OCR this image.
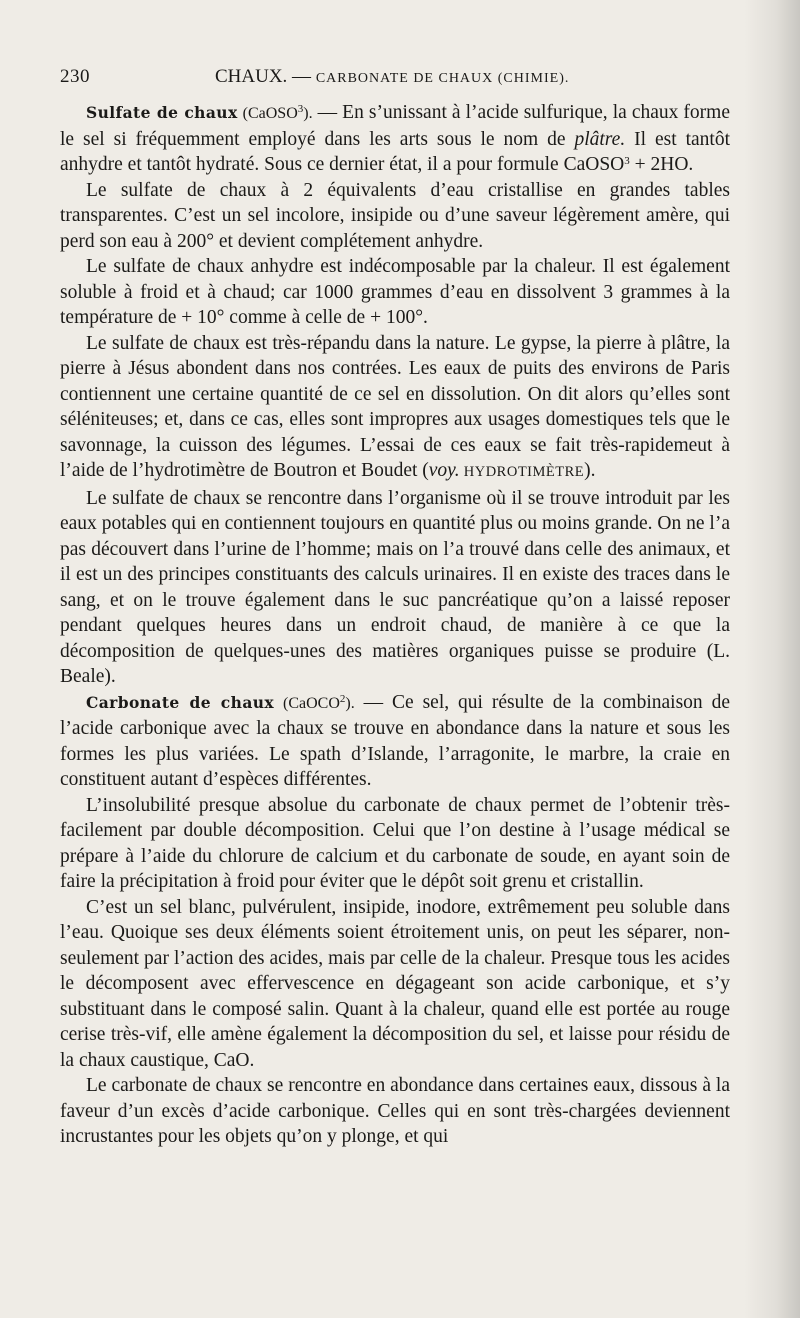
230	CHAUX. — CARBONATE DE CHAUX (CHIMIE).

Sulfate de chaux (CaOSO$^3$). — En s’unissant à l’acide sulfurique, la chaux forme le sel si fréquemment employé dans les arts sous le nom de plâtre. Il est tantôt anhydre et tantôt hydraté. Sous ce dernier état, il a pour formule CaOSO$^3$ + 2HO.

Le sulfate de chaux à 2 équivalents d’eau cristallise en grandes tables transparentes. C’est un sel incolore, insipide ou d’une saveur légèrement amère, qui perd son eau à 200° et devient complétement anhydre.

Le sulfate de chaux anhydre est indécomposable par la chaleur. Il est également soluble à froid et à chaud; car 1000 grammes d’eau en dissolvent 3 grammes à la température de + 10° comme à celle de + 100°.

Le sulfate de chaux est très-répandu dans la nature. Le gypse, la pierre à plâtre, la pierre à Jésus abondent dans nos contrées. Les eaux de puits des environs de Paris contiennent une certaine quantité de ce sel en dissolution. On dit alors qu’elles sont séléniteuses; et, dans ce cas, elles sont impropres aux usages domestiques tels que le savonnage, la cuisson des légumes. L’essai de ces eaux se fait très-rapidemeut à l’aide de l’hydrotimètre de Boutron et Boudet (voy. HYDROTIMÈTRE).

Le sulfate de chaux se rencontre dans l’organisme où il se trouve introduit par les eaux potables qui en contiennent toujours en quantité plus ou moins grande. On ne l’a pas découvert dans l’urine de l’homme; mais on l’a trouvé dans celle des animaux, et il est un des principes constituants des calculs urinaires. Il en existe des traces dans le sang, et on le trouve également dans le suc pancréatique qu’on a laissé reposer pendant quelques heures dans un endroit chaud, de manière à ce que la décomposition de quelques-unes des matières organiques puisse se produire (L. Beale).

Carbonate de chaux (CaOCO$^2$). — Ce sel, qui résulte de la combinaison de l’acide carbonique avec la chaux se trouve en abondance dans la nature et sous les formes les plus variées. Le spath d’Islande, l’arragonite, le marbre, la craie en constituent autant d’espèces différentes.

L’insolubilité presque absolue du carbonate de chaux permet de l’obtenir très-facilement par double décomposition. Celui que l’on destine à l’usage médical se prépare à l’aide du chlorure de calcium et du carbonate de soude, en ayant soin de faire la précipitation à froid pour éviter que le dépôt soit grenu et cristallin.

C’est un sel blanc, pulvérulent, insipide, inodore, extrêmement peu soluble dans l’eau. Quoique ses deux éléments soient étroitement unis, on peut les séparer, non-seulement par l’action des acides, mais par celle de la chaleur. Presque tous les acides le décomposent avec effervescence en dégageant son acide carbonique, et s’y substituant dans le composé salin. Quant à la chaleur, quand elle est portée au rouge cerise très-vif, elle amène également la décomposition du sel, et laisse pour résidu de la chaux caustique, CaO.

Le carbonate de chaux se rencontre en abondance dans certaines eaux, dissous à la faveur d’un excès d’acide carbonique. Celles qui en sont très-chargées deviennent incrustantes pour les objets qu’on y plonge, et qui
